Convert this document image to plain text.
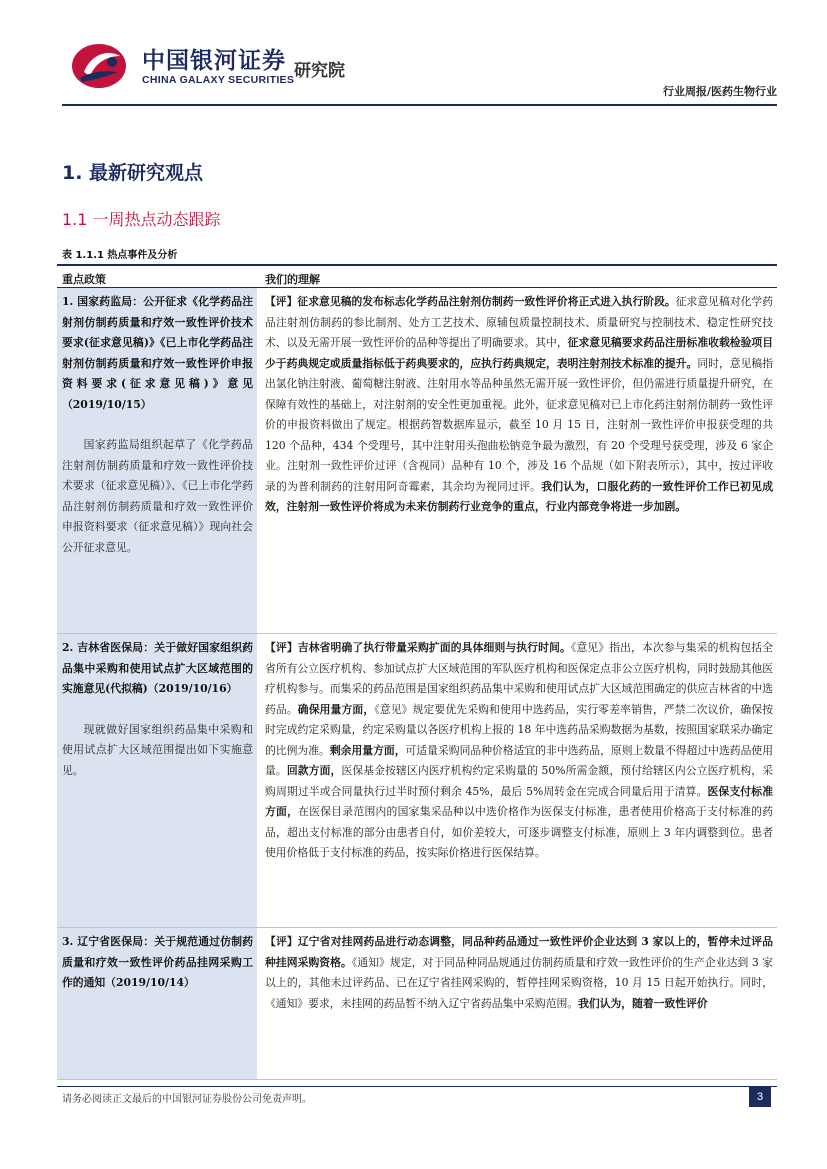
中国银河证券
CHINA GALAXY SECURITIES 研究院
行业周报/医药生物行业
1. 最新研究观点
1.1 一周热点动态跟踪
表 1.1.1 热点事件及分析
重点政策	我们的理解
1. 国家药监局：公开征求《化学药品注射剂仿制药质量和疗效一致性评价技术要求(征求意见稿)》《已上市化学药品注射剂仿制药质量和疗效一致性评价申报资料要求(征求意见稿)》意见（2019/10/15）
国家药监局组织起草了《化学药品注射剂仿制药质量和疗效一致性评价技术要求（征求意见稿）》、《已上市化学药品注射剂仿制药质量和疗效一致性评价申报资料要求（征求意见稿）》现向社会公开征求意见。
【评】征求意见稿的发布标志化学药品注射剂仿制药一致性评价将正式进入执行阶段。征求意见稿对化学药品注射剂仿制药的参比制剂、处方工艺技术、原辅包质量控制技术、质量研究与控制技术、稳定性研究技术、以及无需开展一致性评价的品种等提出了明确要求。其中，征求意见稿要求药品注册标准收载检验项目少于药典规定或质量指标低于药典要求的，应执行药典规定，表明注射剂技术标准的提升。同时，意见稿指出氯化钠注射液、葡萄糖注射液、注射用水等品种虽然无需开展一致性评价，但仍需进行质量提升研究，在保障有效性的基础上，对注射剂的安全性更加重视。此外，征求意见稿对已上市化药注射剂仿制药一致性评价的申报资料做出了规定。根据药智数据库显示，截至 10 月 15 日，注射剂一致性评价申报获受理的共 120 个品种，434 个受理号，其中注射用头孢曲松钠竞争最为激烈，有 20 个受理号获受理，涉及 6 家企业。注射剂一致性评价过评（含视同）品种有 10 个，涉及 16 个品规（如下附表所示），其中，按过评收录的为普利制药的注射用阿奇霉素，其余均为视同过评。我们认为，口服化药的一致性评价工作已初见成效，注射剂一致性评价将成为未来仿制药行业竞争的重点，行业内部竞争将进一步加剧。
2. 吉林省医保局：关于做好国家组织药品集中采购和使用试点扩大区域范围的实施意见(代拟稿)（2019/10/16）
现就做好国家组织药品集中采购和使用试点扩大区域范围提出如下实施意见。
【评】吉林省明确了执行带量采购扩面的具体细则与执行时间。《意见》指出，本次参与集采的机构包括全省所有公立医疗机构、参加试点扩大区域范围的军队医疗机构和医保定点非公立医疗机构，同时鼓励其他医疗机构参与。而集采的药品范围是国家组织药品集中采购和使用试点扩大区域范围确定的供应吉林省的中选药品。确保用量方面，《意见》规定要优先采购和使用中选药品，实行零差率销售，严禁二次议价，确保按时完成约定采购量，约定采购量以各医疗机构上报的 18 年中选药品采购数据为基数，按照国家联采办确定的比例为准。剩余用量方面，可适量采购同品种价格适宜的非中选药品，原则上数量不得超过中选药品使用量。回款方面，医保基金按辖区内医疗机构约定采购量的 50%所需金额，预付给辖区内公立医疗机构，采购周期过半或合同量执行过半时预付剩余 45%，最后 5%周转金在完成合同量后用于清算。医保支付标准方面，在医保目录范围内的国家集采品种以中选价格作为医保支付标准，患者使用价格高于支付标准的药品，超出支付标准的部分由患者自付，如价差较大，可逐步调整支付标准，原则上 3 年内调整到位。患者使用价格低于支付标准的药品，按实际价格进行医保结算。
3. 辽宁省医保局：关于规范通过仿制药质量和疗效一致性评价药品挂网采购工作的通知（2019/10/14）
【评】辽宁省对挂网药品进行动态调整，同品种药品通过一致性评价企业达到 3 家以上的，暂停未过评品种挂网采购资格。《通知》规定，对于同品种同品规通过仿制药质量和疗效一致性评价的生产企业达到 3 家以上的，其他未过评药品、已在辽宁省挂网采购的，暂停挂网采购资格，10 月 15 日起开始执行。同时，《通知》要求，未挂网的药品暂不纳入辽宁省药品集中采购范围。我们认为，随着一致性评价
请务必阅读正文最后的中国银河证券股份公司免责声明。	3
